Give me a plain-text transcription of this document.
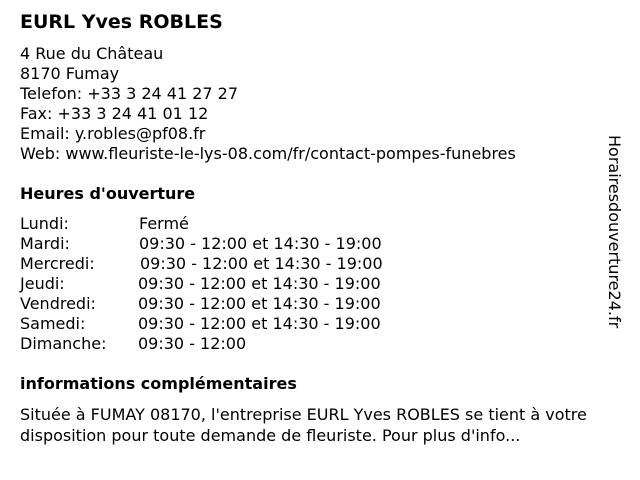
EURL Yves ROBLES
4 Rue du Château
8170 Fumay
Telefon: +33 3 24 41 27 27
Fax: +33 3 24 41 01 12
Email: y.robles@pf08.fr
Web: www.fleuriste-le-lys-08.com/fr/contact-pompes-funebres
Heures d'ouverture
Lundi:	Fermé
Mardi:	09:30 - 12:00 et 14:30 - 19:00
Mercredi:	09:30 - 12:00 et 14:30 - 19:00
Jeudi:	09:30 - 12:00 et 14:30 - 19:00
Vendredi:	09:30 - 12:00 et 14:30 - 19:00
Samedi:	09:30 - 12:00 et 14:30 - 19:00
Dimanche: 09:30 - 12:00
informations complémentaires
Située à FUMAY 08170, l'entreprise EURL Yves ROBLES se tient à votre disposition pour toute demande de fleuriste. Pour plus d'info...
Horairesdouverture24.fr
